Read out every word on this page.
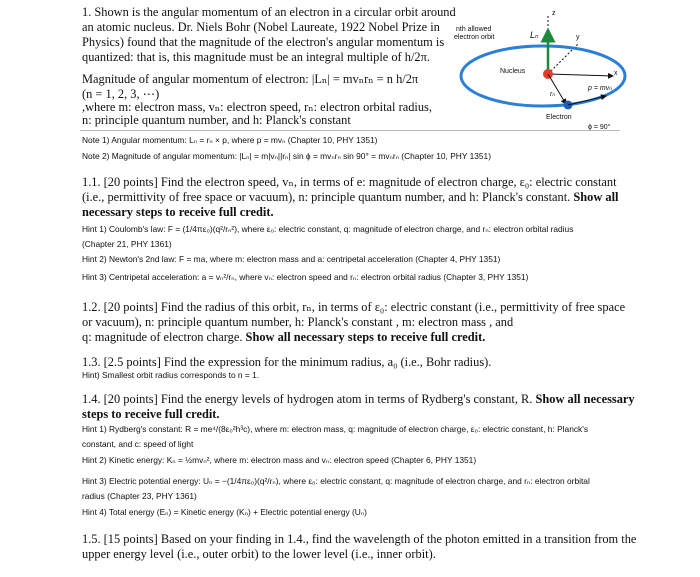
1. Shown is the angular momentum of an electron in a circular orbit around

an atomic nucleus. Dr. Niels Bohr (Nobel Laureate, 1922 Nobel Prize in

Physics) found that the magnitude of the electron's angular momentum is

quantized: that is, this magnitude must be an integral multiple of h/2π.

Magnitude of angular momentum of electron: |Lₙ| = mvₙrₙ = n h/2π

(n = 1, 2, 3, ⋯)

,where m: electron mass, vₙ: electron speed, rₙ: electron orbital radius,

n: principle quantum number, and h: Planck's constant

Note 1) Angular momentum: Lₙ = rₙ × p, where p = mvₙ (Chapter 10, PHY 1351)

Note 2) Magnitude of angular momentum: |Lₙ| = m|vₙ||rₙ| sin ϕ = mvₙrₙ sin 90° = mvₙrₙ (Chapter 10, PHY 1351)

nth allowed
electron orbit	Lₙ
z
y
x
Nucleus
rₙ
p = mvₙ
Electron
ϕ = 90°

1.1. [20 points] Find the electron speed, vₙ, in terms of e: magnitude of electron charge, ε₀: electric constant

(i.e., permittivity of free space or vacuum), n: principle quantum number, and h: Planck's constant. Show all

necessary steps to receive full credit.

Hint 1) Coulomb's law: F = (1/4πε₀)(q²/rₙ²), where ε₀: electric constant, q: magnitude of electron charge, and rₙ: electron orbital radius

(Chapter 21, PHY 1361)

Hint 2) Newton's 2nd law: F = ma, where m: electron mass and a: centripetal acceleration (Chapter 4, PHY 1351)

Hint 3) Centripetal acceleration: a = vₙ²/rₙ, where vₙ: electron speed and rₙ: electron orbital radius (Chapter 3, PHY 1351)

1.2. [20 points] Find the radius of this orbit, rₙ, in terms of ε₀: electric constant (i.e., permittivity of free space

or vacuum), n: principle quantum number, h: Planck's constant , m: electron mass , and

q: magnitude of electron charge. Show all necessary steps to receive full credit.

1.3. [2.5 points] Find the expression for the minimum radius, a₀ (i.e., Bohr radius).

Hint) Smallest orbit radius corresponds to n = 1.

1.4. [20 points] Find the energy levels of hydrogen atom in terms of Rydberg's constant, R. Show all necessary

steps to receive full credit.

Hint 1) Rydberg's constant: R = me⁴/(8ε₀²h³c), where m: electron mass, q: magnitude of electron charge, ε₀: electric constant, h: Planck's

constant, and c: speed of light

Hint 2) Kinetic energy: Kₙ = ½mvₙ², where m: electron mass and vₙ: electron speed (Chapter 6, PHY 1351)

Hint 3) Electric potential energy: Uₙ = −(1/4πε₀)(q²/rₙ), where ε₀: electric constant, q: magnitude of electron charge, and rₙ: electron orbital

radius (Chapter 23, PHY 1361)

Hint 4) Total energy (Eₙ) = Kinetic energy (Kₙ) + Electric potential energy (Uₙ)

1.5. [15 points] Based on your finding in 1.4., find the wavelength of the photon emitted in a transition from the

upper energy level (i.e., outer orbit) to the lower level (i.e., inner orbit).
